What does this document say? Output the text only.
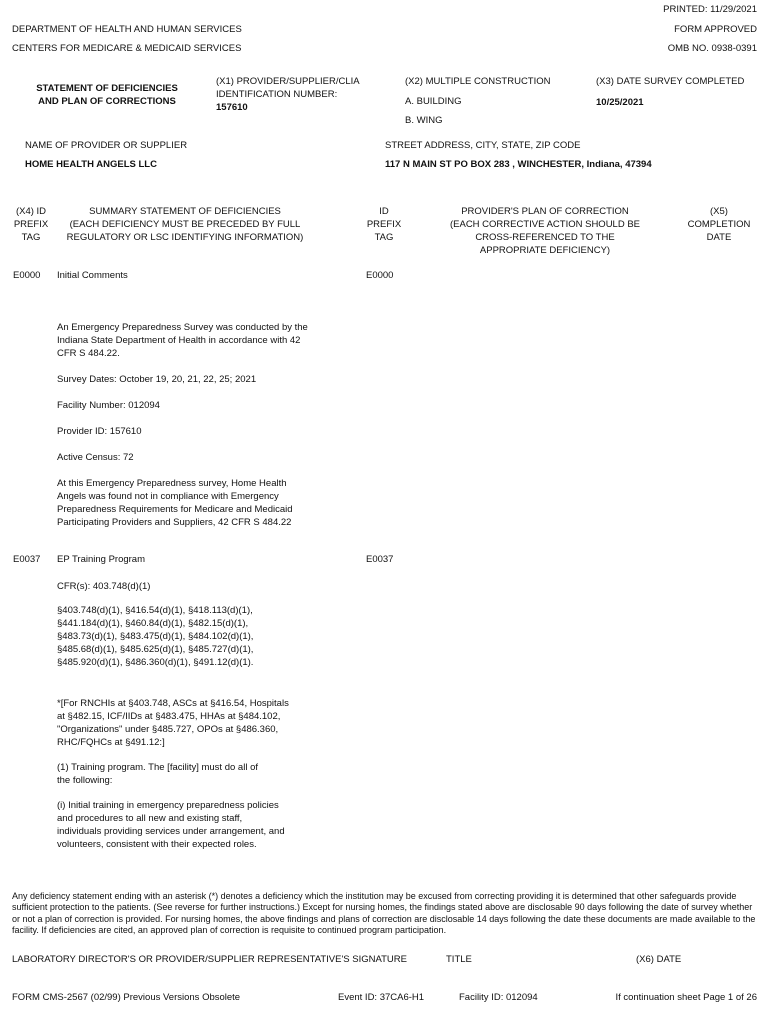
PRINTED: 11/29/2021
DEPARTMENT OF HEALTH AND HUMAN SERVICES	FORM APPROVED
CENTERS FOR MEDICARE & MEDICAID SERVICES	OMB NO. 0938-0391
STATEMENT OF DEFICIENCIES
AND PLAN OF CORRECTIONS
(X1) PROVIDER/SUPPLIER/CLIA
IDENTIFICATION NUMBER:
157610
(X2) MULTIPLE CONSTRUCTION
A. BUILDING
B. WING
(X3) DATE SURVEY COMPLETED
10/25/2021
NAME OF PROVIDER OR SUPPLIER
HOME HEALTH ANGELS LLC
STREET ADDRESS, CITY, STATE, ZIP CODE
117 N MAIN ST PO BOX 283 , WINCHESTER, Indiana, 47394
(X4) ID
PREFIX
TAG
SUMMARY STATEMENT OF DEFICIENCIES
(EACH DEFICIENCY MUST BE PRECEDED BY FULL
REGULATORY OR LSC IDENTIFYING INFORMATION)
ID
PREFIX
TAG
PROVIDER'S PLAN OF CORRECTION
(EACH CORRECTIVE ACTION SHOULD BE
CROSS-REFERENCED TO THE
APPROPRIATE DEFICIENCY)
(X5)
COMPLETION
DATE
E0000 Initial Comments	E0000
An Emergency Preparedness Survey was conducted by the Indiana State Department of Health in accordance with 42 CFR S 484.22.
Survey Dates: October 19, 20, 21, 22, 25; 2021
Facility Number: 012094
Provider ID: 157610
Active Census: 72
At this Emergency Preparedness survey, Home Health Angels was found not in compliance with Emergency Preparedness Requirements for Medicare and Medicaid Participating Providers and Suppliers, 42 CFR S 484.22
E0037 EP Training Program	E0037
CFR(s): 403.748(d)(1)
§403.748(d)(1), §416.54(d)(1), §418.113(d)(1), §441.184(d)(1), §460.84(d)(1), §482.15(d)(1), §483.73(d)(1), §483.475(d)(1), §484.102(d)(1), §485.68(d)(1), §485.625(d)(1), §485.727(d)(1), §485.920(d)(1), §486.360(d)(1), §491.12(d)(1).
*[For RNCHIs at §403.748, ASCs at §416.54, Hospitals at §482.15, ICF/IIDs at §483.475, HHAs at §484.102, "Organizations" under §485.727, OPOs at §486.360, RHC/FQHCs at §491.12:]
(1) Training program. The [facility] must do all of the following:
(i) Initial training in emergency preparedness policies and procedures to all new and existing staff, individuals providing services under arrangement, and volunteers, consistent with their expected roles.
Any deficiency statement ending with an asterisk (*) denotes a deficiency which the institution may be excused from correcting providing it is determined that other safeguards provide sufficient protection to the patients. (See reverse for further instructions.) Except for nursing homes, the findings stated above are disclosable 90 days following the date of survey whether or not a plan of correction is provided. For nursing homes, the above findings and plans of correction are disclosable 14 days following the date these documents are made available to the facility. If deficiencies are cited, an approved plan of correction is requisite to continued program participation.
LABORATORY DIRECTOR'S OR PROVIDER/SUPPLIER REPRESENTATIVE'S SIGNATURE	TITLE	(X6) DATE
FORM CMS-2567 (02/99) Previous Versions Obsolete	Event ID: 37CA6-H1	Facility ID: 012094	If continuation sheet Page 1 of 26
